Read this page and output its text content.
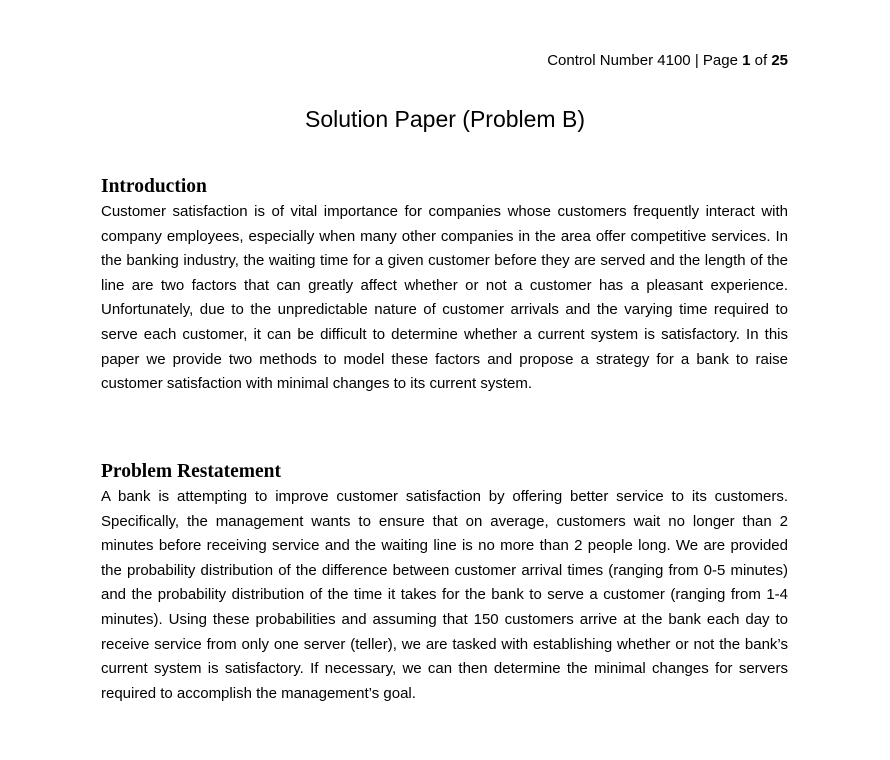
Control Number 4100 | Page 1 of 25
Solution Paper (Problem B)
Introduction

Customer satisfaction is of vital importance for companies whose customers frequently interact with company employees, especially when many other companies in the area offer competitive services. In the banking industry, the waiting time for a given customer before they are served and the length of the line are two factors that can greatly affect whether or not a customer has a pleasant experience. Unfortunately, due to the unpredictable nature of customer arrivals and the varying time required to serve each customer, it can be difficult to determine whether a current system is satisfactory. In this paper we provide two methods to model these factors and propose a strategy for a bank to raise customer satisfaction with minimal changes to its current system.

Problem Restatement

A bank is attempting to improve customer satisfaction by offering better service to its customers. Specifically, the management wants to ensure that on average, customers wait no longer than 2 minutes before receiving service and the waiting line is no more than 2 people long. We are provided the probability distribution of the difference between customer arrival times (ranging from 0-5 minutes) and the probability distribution of the time it takes for the bank to serve a customer (ranging from 1-4 minutes). Using these probabilities and assuming that 150 customers arrive at the bank each day to receive service from only one server (teller), we are tasked with establishing whether or not the bank’s current system is satisfactory. If necessary, we can then determine the minimal changes for servers required to accomplish the management’s goal.
